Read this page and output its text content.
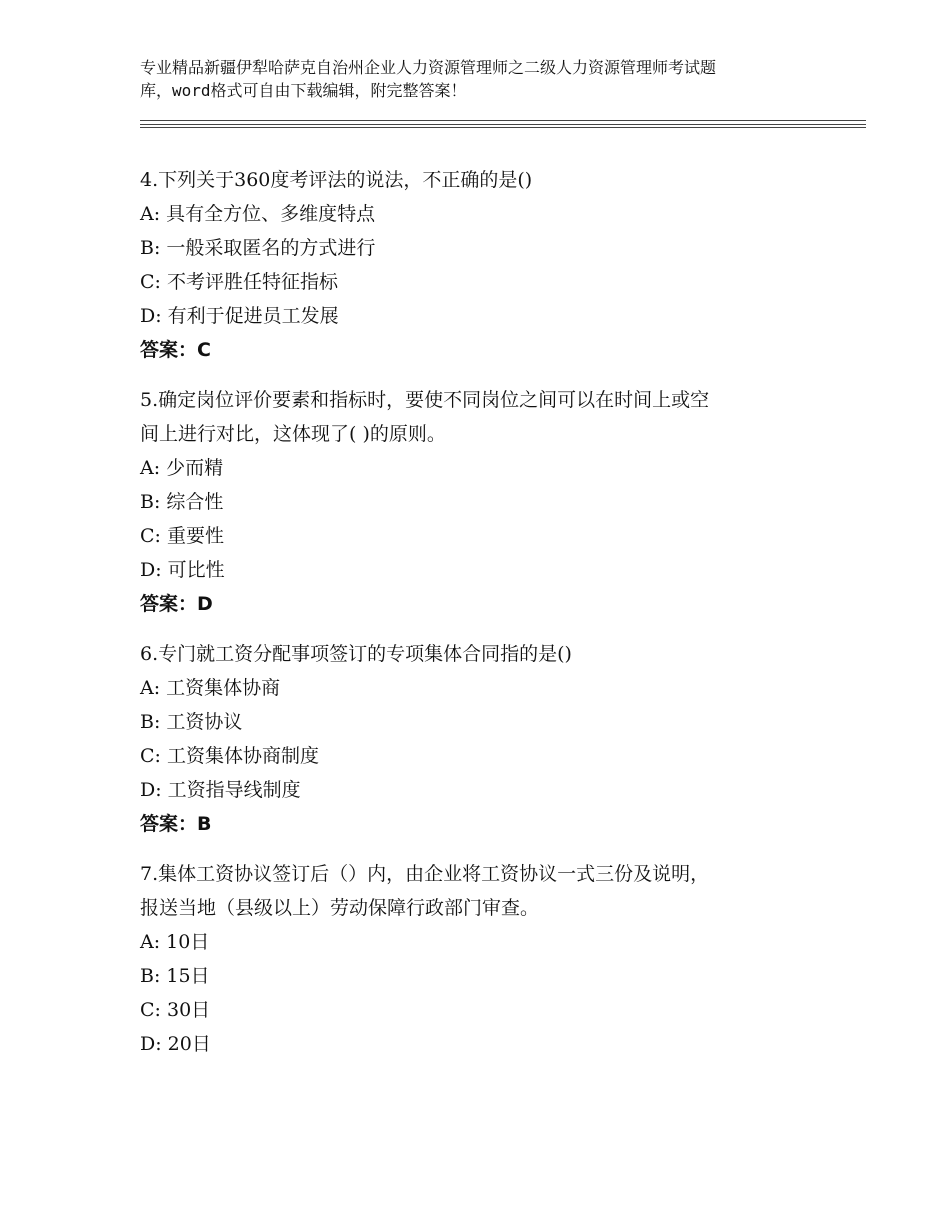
专业精品新疆伊犁哈萨克自治州企业人力资源管理师之二级人力资源管理师考试题
库，word格式可自由下载编辑，附完整答案！
4.下列关于360度考评法的说法，不正确的是()
A: 具有全方位、多维度特点
B: 一般采取匿名的方式进行
C: 不考评胜任特征指标
D: 有利于促进员工发展
答案：C
5.确定岗位评价要素和指标时，要使不同岗位之间可以在时间上或空
间上进行对比，这体现了( )的原则。
A: 少而精
B: 综合性
C: 重要性
D: 可比性
答案：D
6.专门就工资分配事项签订的专项集体合同指的是()
A: 工资集体协商
B: 工资协议
C: 工资集体协商制度
D: 工资指导线制度
答案：B
7.集体工资协议签订后（）内，由企业将工资协议一式三份及说明，
报送当地（县级以上）劳动保障行政部门审查。
A: 10日
B: 15日
C: 30日
D: 20日
